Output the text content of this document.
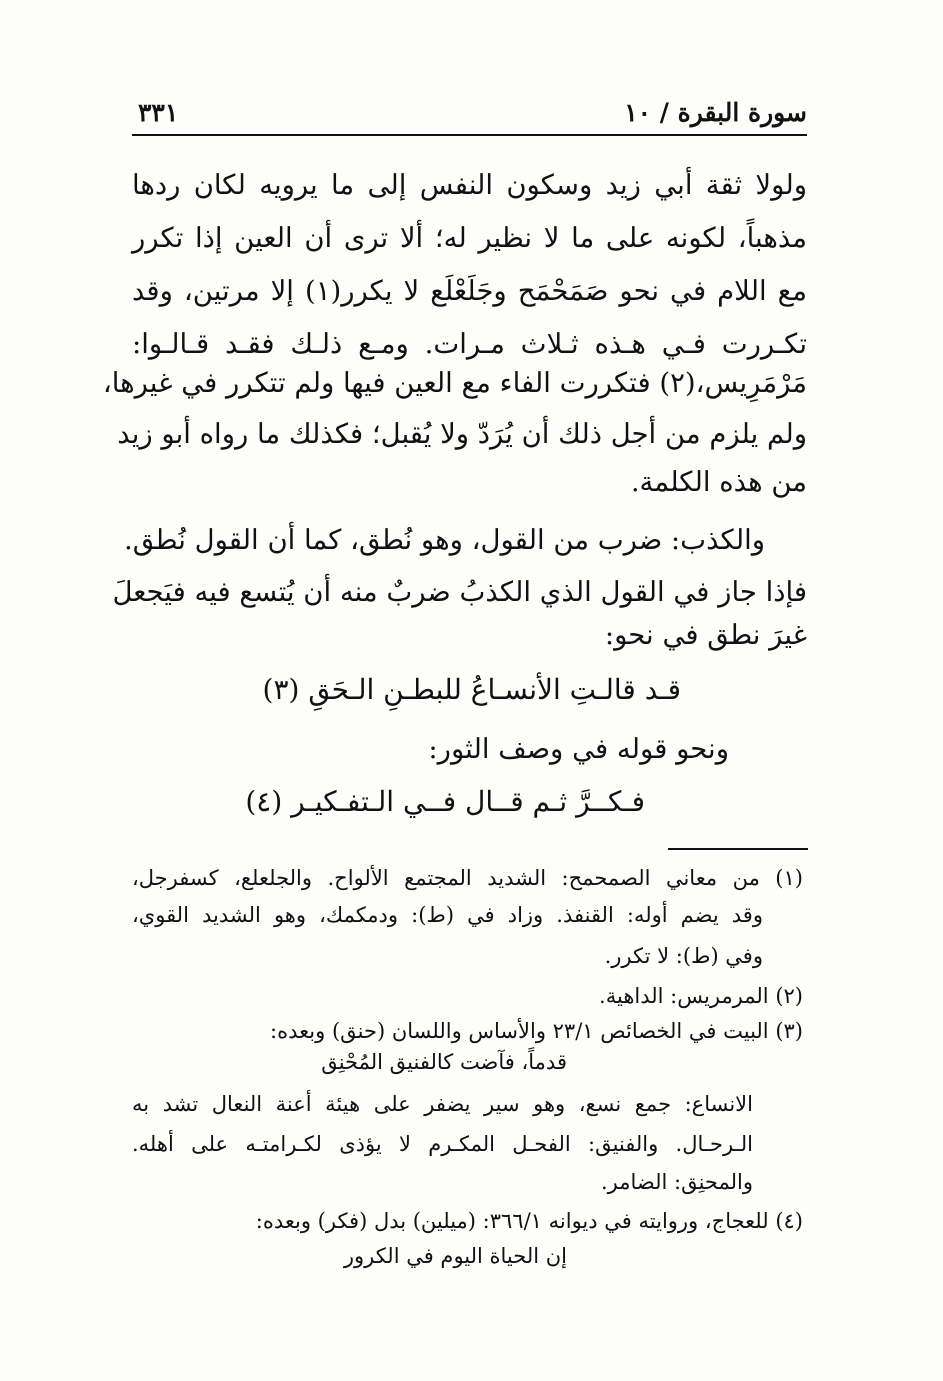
سورة البقرة / ١٠
٣٣١
ولولا ثقة أبي زيد وسكون النفس إلى ما يرويه لكان ردها
مذهباً، لكونه على ما لا نظير له؛ ألا ترى أن العين إذا تكرر
مع اللام في نحو صَمَحْمَح وجَلَعْلَع لا يكرر(١) إلا مرتين، وقد
تكـررت فـي هـذه ثـلاث مـرات. ومـع ذلـك فقـد قـالـوا:
مَرْمَرِيس،(٢) فتكررت الفاء مع العين فيها ولم تتكرر في غيرها،
ولم يلزم من أجل ذلك أن يُرَدّ ولا يُقبل؛ فكذلك ما رواه أبو زيد
من هذه الكلمة.
والكذب: ضرب من القول، وهو نُطق، كما أن القول نُطق.
فإذا جاز في القول الذي الكذبُ ضربٌ منه أن يُتسع فيه فيَجعلَ
غيرَ نطق في نحو:
قـد قالـتِ الأنسـاعُ للبطـنِ الـحَقِ (٣)
ونحو قوله في وصف الثور:
فـكــرَّ ثـم قــال فــي الـتفـكيـر (٤)
(١) من معاني الصمحمح: الشديد المجتمع الألواح. والجلعلع، كسفرجل،
وقد يضم أوله: القنفذ. وزاد في (ط): ودمكمك، وهو الشديد القوي،
وفي (ط): لا تكرر.
(٢) المرمريس: الداهية.
(٣) البيت في الخصائص ٢٣/١ والأساس واللسان (حنق) وبعده:
قدماً، فآضت كالفنيق المُحْنِق
الانساع: جمع نسع، وهو سير يضفر على هيئة أعنة النعال تشد به
الـرحـال. والفنيق: الفحـل المكـرم لا يؤذى لكـرامتـه على أهله.
والمحنِق: الضامر.
(٤) للعجاج، وروايته في ديوانه ٣٦٦/١: (ميلين) بدل (فكر) وبعده:
إن الحياة اليوم في الكرور
